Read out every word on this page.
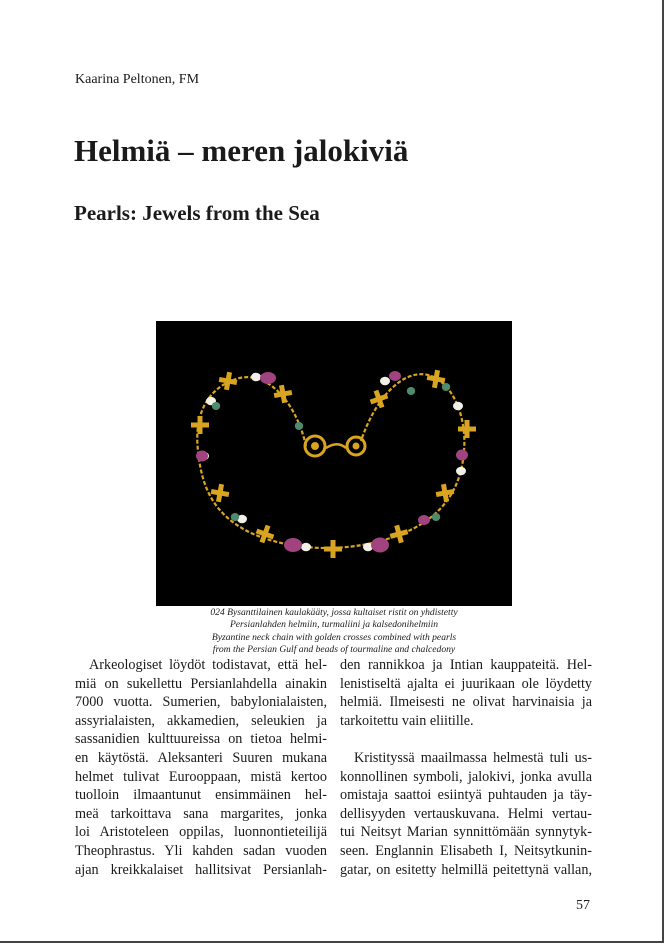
Kaarina Peltonen, FM
Helmiä – meren jalokiviä
Pearls: Jewels from the Sea
024 Bysanttilainen kaulakääty, jossa kultaiset ristit on yhdistetty
Persianlahden helmiin, turmaliini ja kalsedonihelmiin
Byzantine neck chain with golden crosses combined with pearls
from the Persian Gulf and beads of tourmaline and chalcedony
Arkeologiset löydöt todistavat, että hel-
miä on sukellettu Persianlahdella ainakin
7000 vuotta. Sumerien, babylonialaisten,
assyrialaisten, akkamedien, seleukien ja
sassanidien kulttuureissa on tietoa helmi-
en käytöstä. Aleksanteri Suuren mukana
helmet tulivat Eurooppaan, mistä kertoo
tuolloin ilmaantunut ensimmäinen hel-
meä tarkoittava sana margarites, jonka
loi Aristoteleen oppilas, luonnontieteilijä
Theophrastus. Yli kahden sadan vuoden
ajan kreikkalaiset hallitsivat Persianlah-
den rannikkoa ja Intian kauppateitä. Hel-
lenistiseltä ajalta ei juurikaan ole löydetty
helmiä. Ilmeisesti ne olivat harvinaisia ja
tarkoitettu vain eliitille.
Kristityssä maailmassa helmestä tuli us-
konnollinen symboli, jalokivi, jonka avulla
omistaja saattoi esiintyä puhtauden ja täy-
dellisyyden vertauskuvana. Helmi vertau-
tui Neitsyt Marian synnittömään synnytyk-
seen. Englannin Elisabeth I, Neitsytkunin-
gatar, on esitetty helmillä peitettynä vallan,
57
